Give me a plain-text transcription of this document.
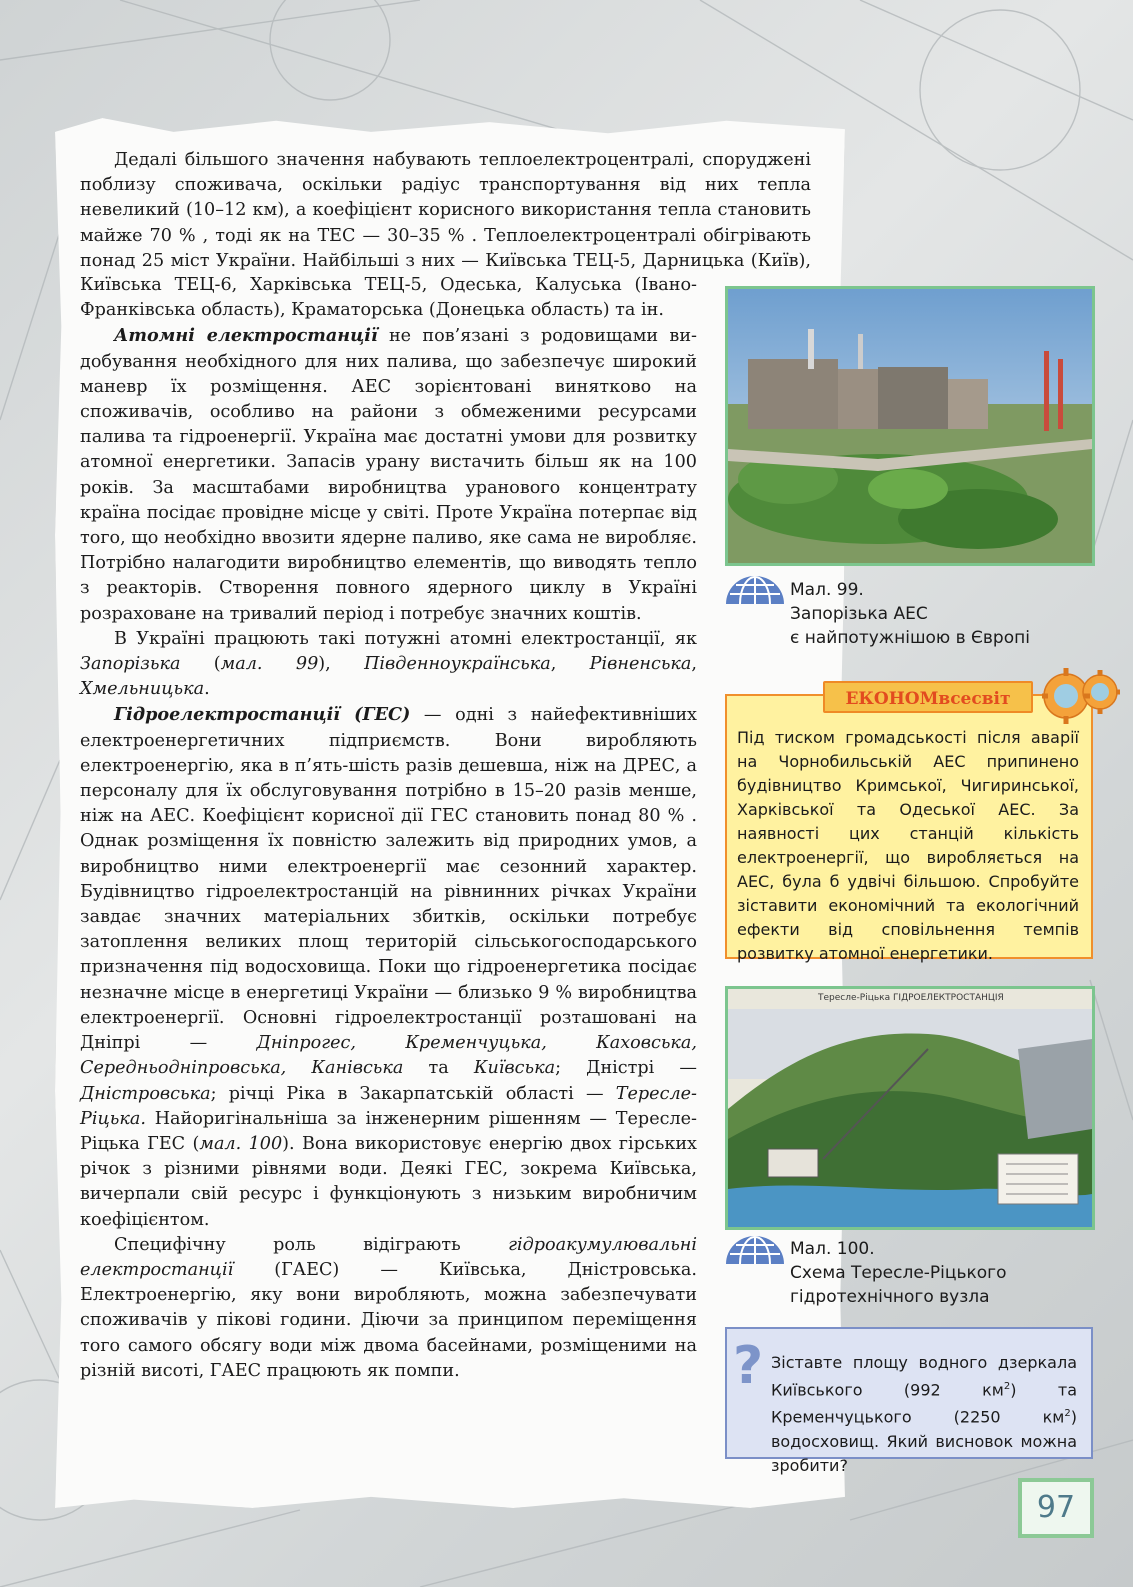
Дедалі більшого значення набувають теплоелектроцентралі, споруджені поблизу споживача, оскільки радіус транспортування від них тепла невеликий (10–12 км), а коефіцієнт корисного використання тепла становить майже 70 % , тоді як на ТЕС — 30–35 % . Теплоелектроцентралі обігрівають понад 25 міст України. Найбільші з них — Київська ТЕЦ-5, Дарницька (Київ),

Київська ТЕЦ-6, Харківська ТЕЦ-5, Одеська, Калуська (Івано-Франківська область), Краматорська (Донецька область) та ін.

Атомні електростанції не пов’язані з родовищами видобування необхідного для них палива, що забезпечує широкий маневр їх розміщення. АЕС зорієнтовані винятково на споживачів, особливо на райони з обмеженими ресурсами палива та гідроенергії. Україна має достатні умови для розвитку атомної енергетики. Запасів урану вистачить більш як на 100 років. За масштабами виробництва уранового концентрату країна посідає провідне місце у світі. Проте Україна потерпає від того, що необхідно ввозити ядерне паливо, яке сама не виробляє. Потрібно налагодити виробництво елементів, що виводять тепло з реакторів. Створення повного ядерного циклу в Україні розраховане на тривалий період і потребує значних коштів.

В Україні працюють такі потужні атомні електростанції, як Запорізька (мал. 99), Південноукраїнська, Рівненська, Хмельницька.

Гідроелектростанції (ГЕС) — одні з найефективніших електроенергетичних підприємств. Вони виробляють електроенергію, яка в п’ять-шість разів дешевша, ніж на ДРЕС, а персоналу для їх обслуговування потрібно в 15–20 разів менше, ніж на АЕС. Коефіцієнт корисної дії ГЕС становить понад 80 % . Однак розміщення їх повністю залежить від природних умов, а виробництво ними електроенергії має сезонний характер. Будівництво гідроелектростанцій на рівнинних річках України завдає значних матеріальних збитків, оскільки потребує затоплення великих площ територій сільськогосподарського призначення під водосховища. Поки що гідроенергетика посідає незначне місце в енергетиці України — близько 9 % виробництва електроенергії. Основні гідроелектростанції розташовані на Дніпрі — Дніпрогес, Кременчуцька, Каховська, Середньодніпровська, Канівська та Київська; Дністрі — Дністровська; річці Ріка в Закарпатській області — Тересле-Ріцька. Найоригінальніша за інженерним рішенням — Тересле-Ріцька ГЕС (мал. 100). Вона використовує енергію двох гірських річок з різними рівнями води. Деякі ГЕС, зокрема Київська, вичерпали свій ресурс і функціонують з низьким виробничим коефіцієнтом.

Специфічну роль відіграють гідроакумулювальні електростанції (ГАЕС) — Київська, Дністровська. Електроенергію, яку вони виробляють, можна забезпечувати споживачів у пікові години. Діючи за принципом переміщення того самого обсягу води між двома басейнами, розміщеними на різній висоті, ГАЕС працюють як помпи.

Мал. 99.
Запорізька АЕС
є найпотужнішою в Європі
Під тиском громадськості після аварії на Чорнобильській АЕС припинено будівництво Кримської, Чигиринської, Харківської та Одеської АЕС. За наявності цих станцій кількість електроенергії, що виробляється на АЕС, була б удвічі більшою. Спробуйте зіставити економічний та екологічний ефекти від сповільнення темпів розвитку атомної енергетики.
ЕКОНОМвсесвіт
Тересле-Ріцька ГІДРОЕЛЕКТРОСТАНЦІЯ
Мал. 100.
Схема Тересле-Ріцького
гідротехнічного вузла
Зіставте площу водного дзеркала Київського (992 $км^2$) та Кременчуцького (2250 $км^2$) водосховищ. Який висновок можна зробити?
?
97
